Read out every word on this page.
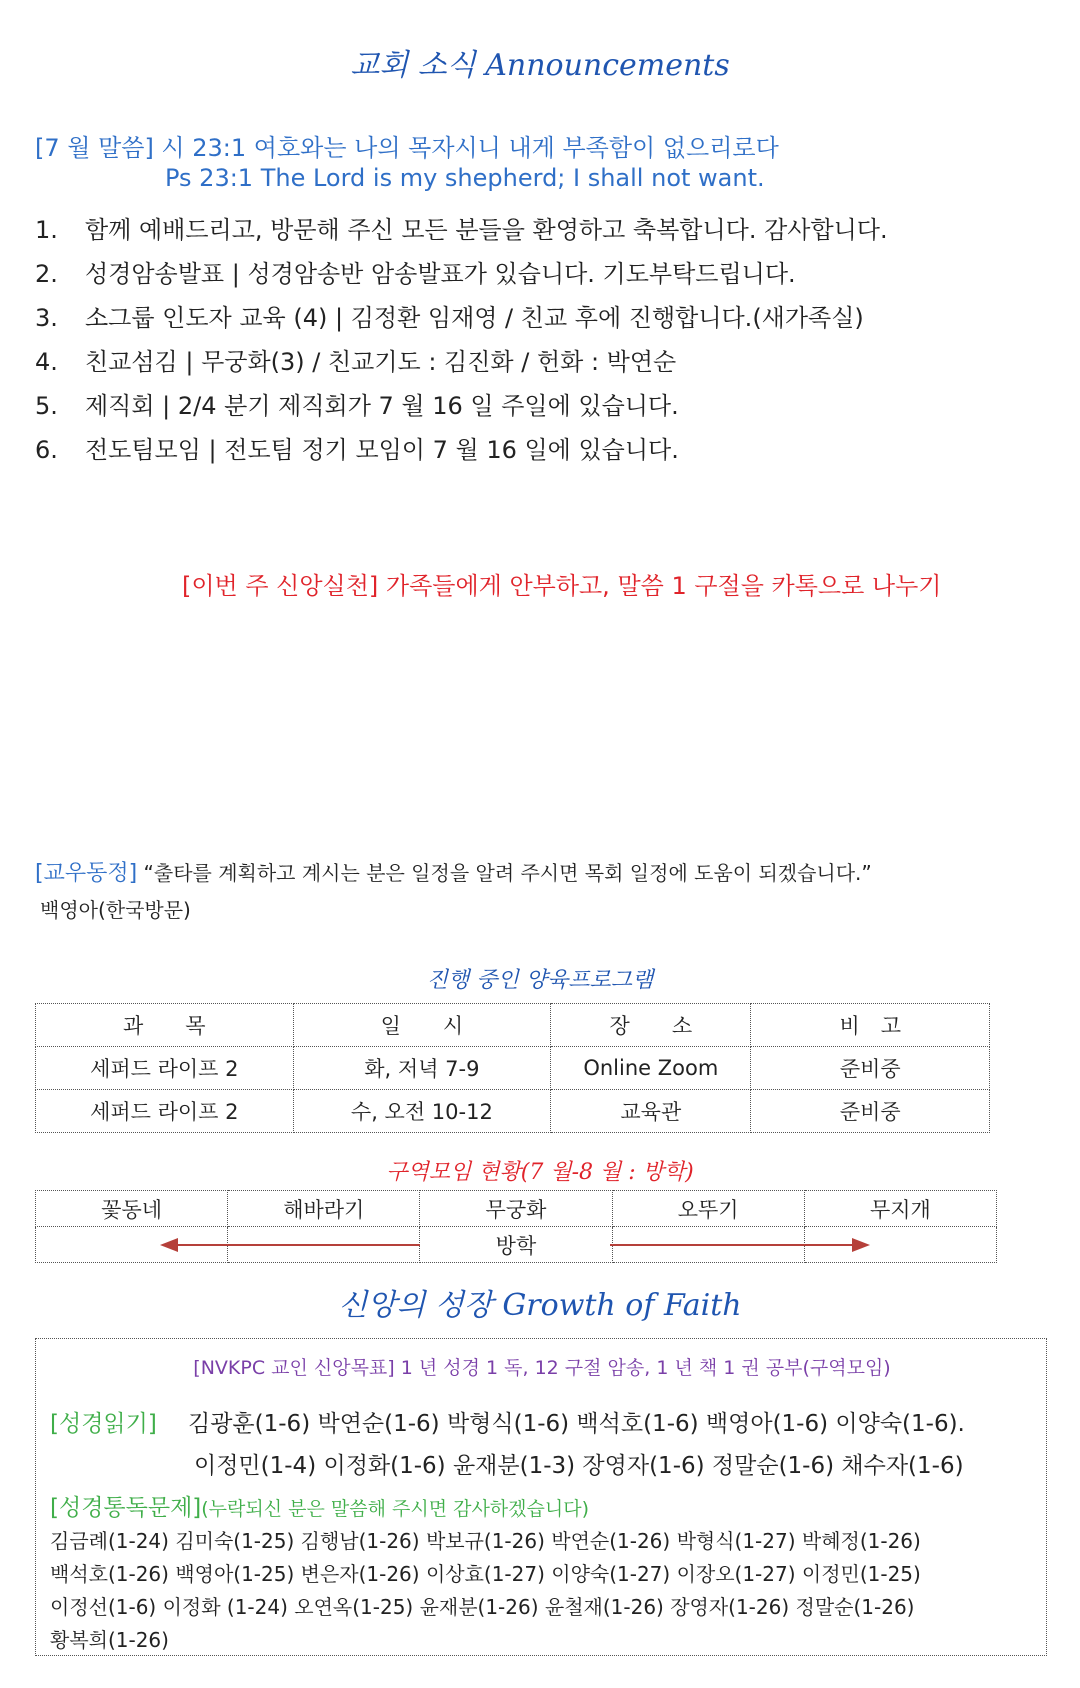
교회 소식 Announcements
[7 월 말씀] 시 23:1 여호와는 나의 목자시니 내게 부족함이 없으리로다
Ps 23:1 The Lord is my shepherd; I shall not want.
1. 함께 예배드리고, 방문해 주신 모든 분들을 환영하고 축복합니다. 감사합니다.
2. 성경암송발표 | 성경암송반 암송발표가 있습니다. 기도부탁드립니다.
3. 소그룹 인도자 교육 (4) | 김정환 임재영 / 친교 후에 진행합니다.(새가족실)
4. 친교섬김 | 무궁화(3) / 친교기도 : 김진화 / 헌화 : 박연순
5. 제직회 | 2/4 분기 제직회가 7 월 16 일 주일에 있습니다.
6. 전도팀모임 | 전도팀 정기 모임이 7 월 16 일에 있습니다.
[이번 주 신앙실천] 가족들에게 안부하고, 말씀 1 구절을 카톡으로 나누기
[교우동정] “출타를 계획하고 계시는 분은 일정을 알려 주시면 목회 일정에 도움이 되겠습니다.”
백영아(한국방문)
진행 중인 양육프로그램
과　　목	일　　시	장　　소	비　고
세퍼드 라이프 2	화, 저녁 7-9	Online Zoom	준비중
세퍼드 라이프 2	수, 오전 10-12	교육관	준비중
구역모임 현황(7 월-8 월 : 방학)
꽃동네	해바라기	무궁화	오뚜기	무지개
		방학		
신앙의 성장 Growth of Faith
[NVKPC 교인 신앙목표] 1 년 성경 1 독, 12 구절 암송, 1 년 책 1 권 공부(구역모임)
[성경읽기] 김광훈(1-6) 박연순(1-6) 박형식(1-6) 백석호(1-6) 백영아(1-6) 이양숙(1-6).
이정민(1-4) 이정화(1-6) 윤재분(1-3) 장영자(1-6) 정말순(1-6) 채수자(1-6)
[성경통독문제](누락되신 분은 말씀해 주시면 감사하겠습니다)
김금례(1-24) 김미숙(1-25) 김행남(1-26) 박보규(1-26) 박연순(1-26) 박형식(1-27) 박혜정(1-26)
백석호(1-26) 백영아(1-25) 변은자(1-26) 이상효(1-27) 이양숙(1-27) 이장오(1-27) 이정민(1-25)
이정선(1-6) 이정화 (1-24) 오연옥(1-25) 윤재분(1-26) 윤철재(1-26) 장영자(1-26) 정말순(1-26)
황복희(1-26)
